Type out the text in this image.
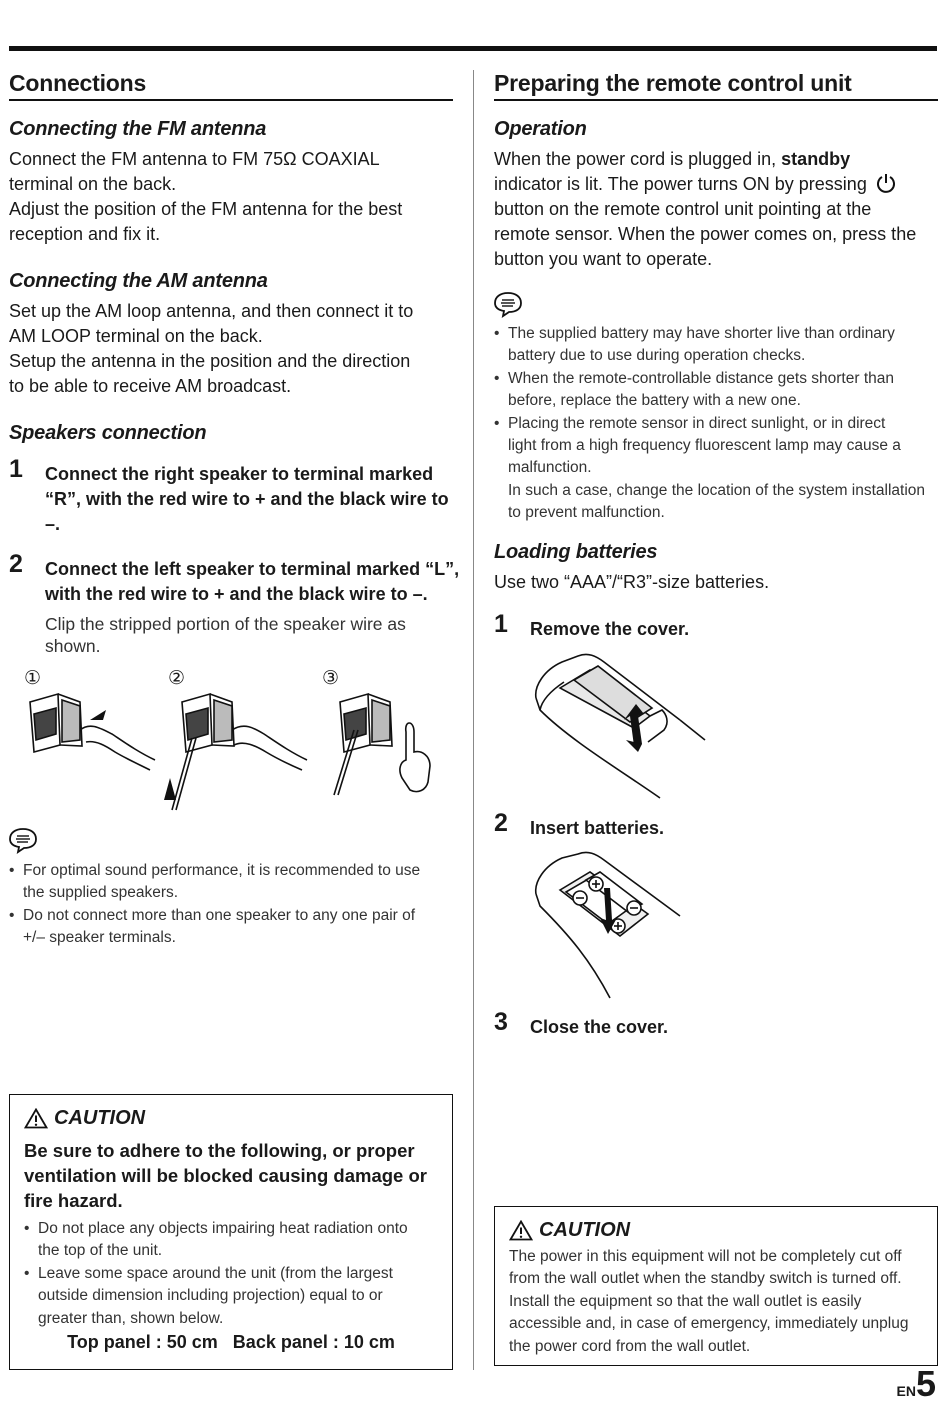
Connections
Connecting the FM antenna
Connect the FM antenna to FM 75Ω COAXIAL
terminal on the back.
Adjust the position of the FM antenna for the best
reception and fix it.
Connecting the AM antenna
Set up the AM loop antenna, and then connect it to
AM LOOP terminal on the back.
Setup the antenna in the position and the direction
to be able to receive AM broadcast.
Speakers connection
1 Connect the right speaker to terminal marked
“R”, with the red wire to + and the black wire to
–.
2 Connect the left speaker to terminal marked “L”,
with the red wire to + and the black wire to –.
Clip the stripped portion of the speaker wire as
shown.
①	②	③
• For optimal sound performance, it is recommended to use
the supplied speakers.
• Do not connect more than one speaker to any one pair of
+/– speaker terminals.
CAUTION
Be sure to adhere to the following, or proper
ventilation will be blocked causing damage or
fire hazard.
• Do not place any objects impairing heat radiation onto
the top of the unit.
• Leave some space around the unit (from the largest
outside dimension including projection) equal to or
greater than, shown below.
Top panel : 50 cm   Back panel : 10 cm
Preparing the remote control unit
Operation
When the power cord is plugged in, standby
indicator is lit. The power turns ON by pressing
button on the remote control unit pointing at the
remote sensor. When the power comes on, press the
button you want to operate.
• The supplied battery may have shorter live than ordinary
battery due to use during operation checks.
• When the remote-controllable distance gets shorter than
before, replace the battery with a new one.
• Placing the remote sensor in direct sunlight, or in direct
light from a high frequency fluorescent lamp may cause a
malfunction.
In such a case, change the location of the system installation
to prevent malfunction.
Loading batteries
Use two “AAA”/“R3”-size batteries.
1 Remove the cover.
2 Insert batteries.
3 Close the cover.
CAUTION
The power in this equipment will not be completely cut off
from the wall outlet when the standby switch is turned off.
Install the equipment so that the wall outlet is easily
accessible and, in case of emergency, immediately unplug
the power cord from the wall outlet.
EN5
